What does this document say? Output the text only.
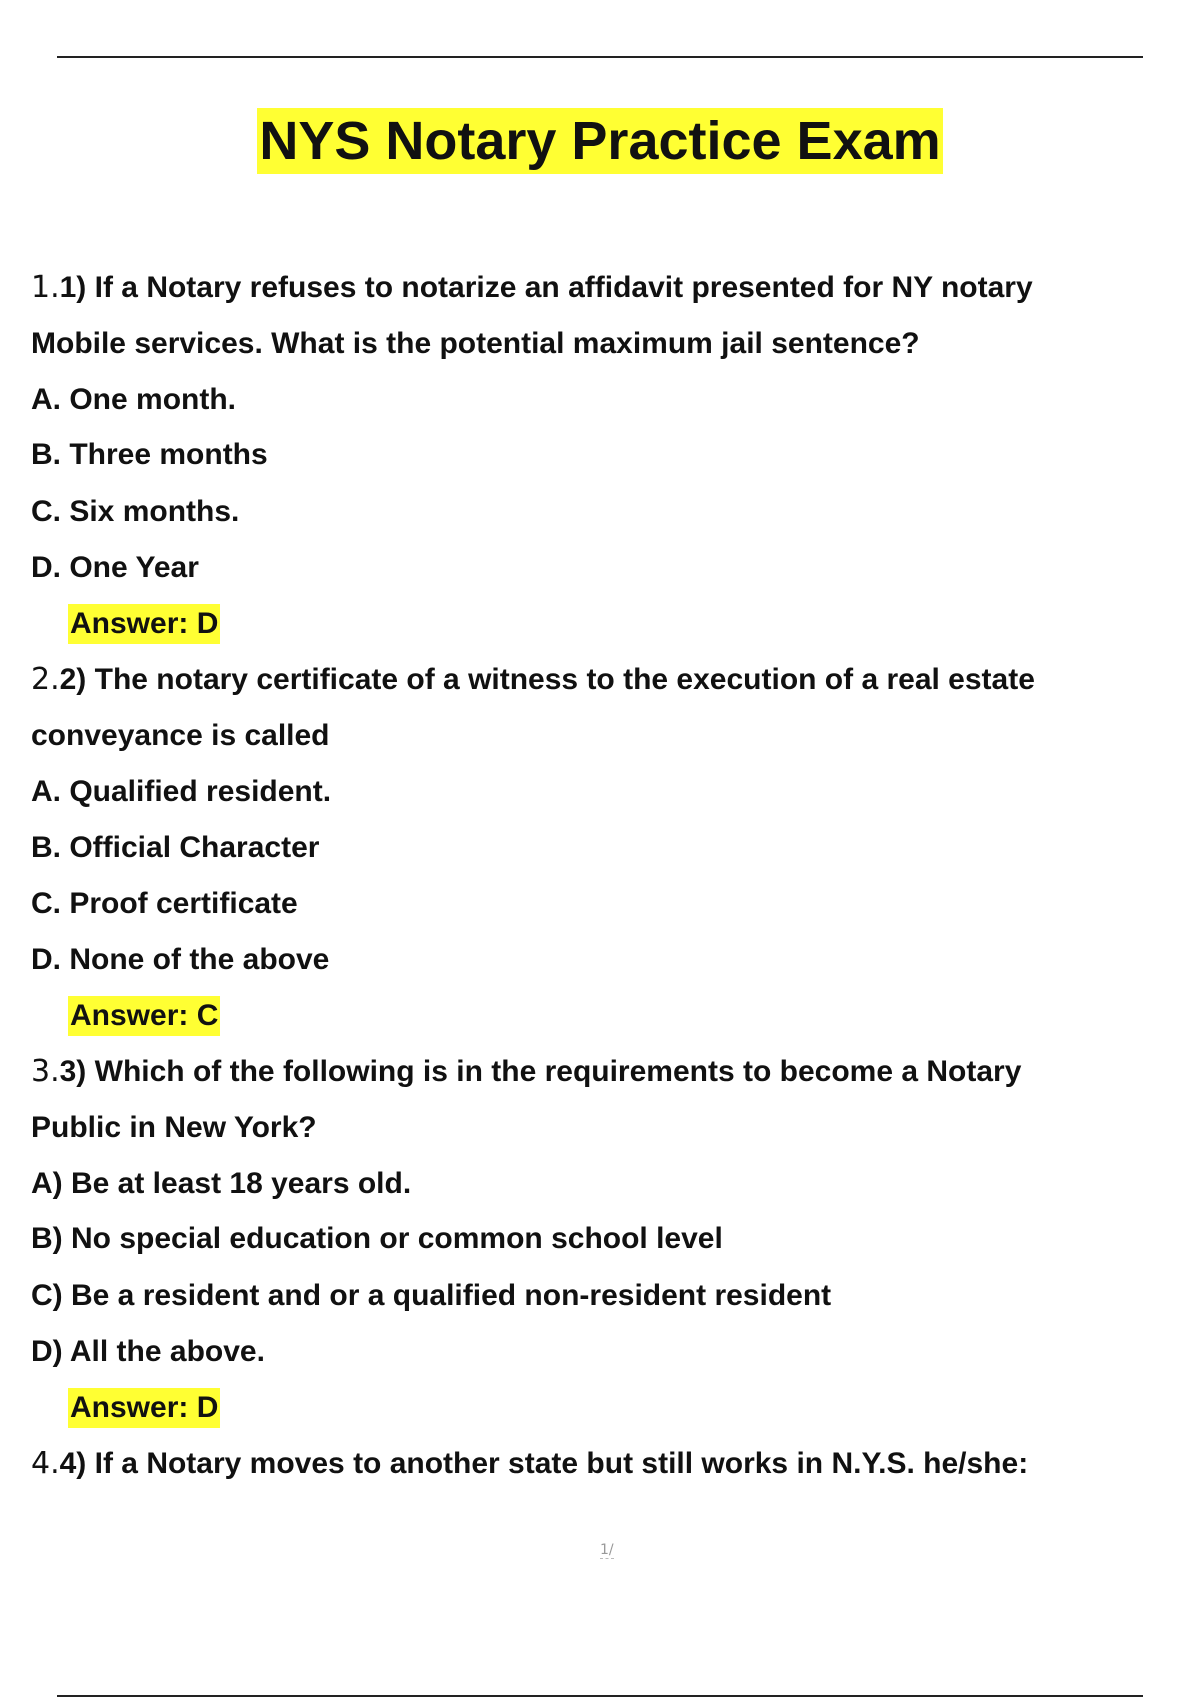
NYS Notary Practice Exam
1.1) If a Notary refuses to notarize an affidavit presented for NY notary
Mobile services. What is the potential maximum jail sentence?
A. One month.
B. Three months
C. Six months.
D. One Year
Answer: D
2.2) The notary certificate of a witness to the execution of a real estate
conveyance is called
A. Qualified resident.
B. Official Character
C. Proof certificate
D. None of the above
Answer: C
3.3) Which of the following is in the requirements to become a Notary
Public in New York?
A) Be at least 18 years old.
B) No special education or common school level
C) Be a resident and or a qualified non-resident resident
D) All the above.
Answer: D
4.4) If a Notary moves to another state but still works in N.Y.S. he/she:
1/
